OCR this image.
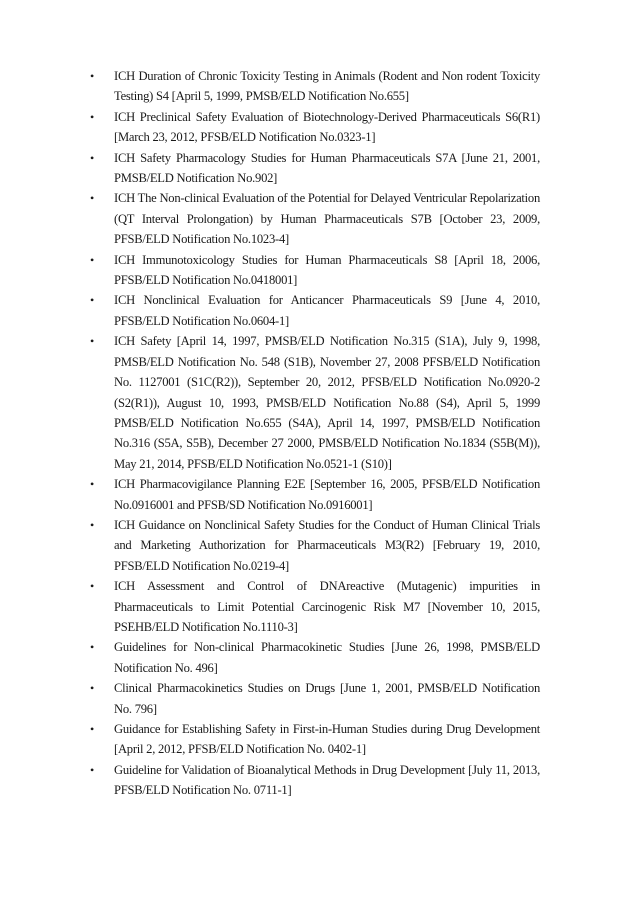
•
ICH Duration of Chronic Toxicity Testing in Animals (Rodent and Non rodent Toxicity Testing) S4 [April 5, 1999, PMSB/ELD Notification No.655]
•
ICH Preclinical Safety Evaluation of Biotechnology-Derived Pharmaceuticals S6(R1) [March 23, 2012, PFSB/ELD Notification No.0323-1]
•
ICH Safety Pharmacology Studies for Human Pharmaceuticals S7A [June 21, 2001, PMSB/ELD Notification No.902]
•
ICH The Non-clinical Evaluation of the Potential for Delayed Ventricular Repolarization (QT Interval Prolongation) by Human Pharmaceuticals S7B [October 23, 2009, PFSB/ELD Notification No.1023-4]
•
ICH Immunotoxicology Studies for Human Pharmaceuticals S8 [April 18, 2006, PFSB/ELD Notification No.0418001]
•
ICH Nonclinical Evaluation for Anticancer Pharmaceuticals S9 [June 4, 2010, PFSB/ELD Notification No.0604-1]
•
ICH Safety [April 14, 1997, PMSB/ELD Notification No.315 (S1A), July 9, 1998, PMSB/ELD Notification No. 548 (S1B), November 27, 2008 PFSB/ELD Notification No. 1127001 (S1C(R2)), September 20, 2012, PFSB/ELD Notification No.0920-2 (S2(R1)), August 10, 1993, PMSB/ELD Notification No.88 (S4), April 5, 1999 PMSB/ELD Notification No.655 (S4A), April 14, 1997, PMSB/ELD Notification No.316 (S5A, S5B), December 27 2000, PMSB/ELD Notification No.1834 (S5B(M)), May 21, 2014, PFSB/ELD Notification No.0521-1 (S10)]
•
ICH Pharmacovigilance Planning E2E [September 16, 2005, PFSB/ELD Notification No.0916001 and PFSB/SD Notification No.0916001]
•
ICH Guidance on Nonclinical Safety Studies for the Conduct of Human Clinical Trials and Marketing Authorization for Pharmaceuticals M3(R2) [February 19, 2010, PFSB/ELD Notification No.0219-4]
•
ICH Assessment and Control of DNAreactive (Mutagenic) impurities in Pharmaceuticals to Limit Potential Carcinogenic Risk M7 [November 10, 2015, PSEHB/ELD Notification No.1110-3]
•
Guidelines for Non-clinical Pharmacokinetic Studies [June 26, 1998, PMSB/ELD Notification No. 496]
•
Clinical Pharmacokinetics Studies on Drugs [June 1, 2001, PMSB/ELD Notification No. 796]
•
Guidance for Establishing Safety in First-in-Human Studies during Drug Development [April 2, 2012, PFSB/ELD Notification No. 0402-1]
•
Guideline for Validation of Bioanalytical Methods in Drug Development [July 11, 2013, PFSB/ELD Notification No. 0711-1]
